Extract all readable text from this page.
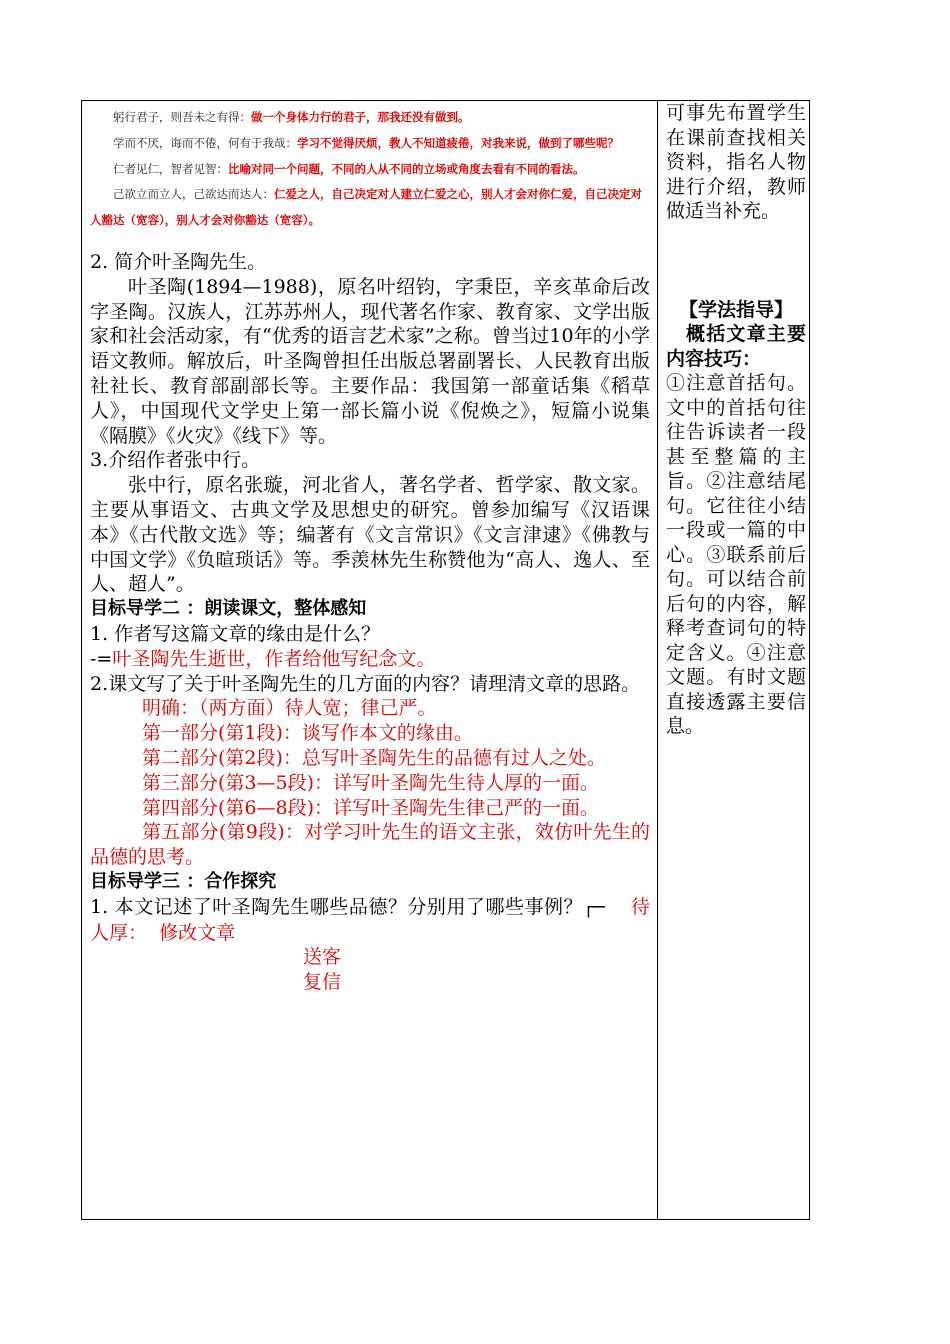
躬行君子，则吾未之有得：做一个身体力行的君子，那我还没有做到。
学而不厌，诲而不倦，何有于我哉：学习不觉得厌烦，教人不知道疲倦，对我来说，做到了哪些呢？
仁者见仁，智者见智：比喻对同一个问题，不同的人从不同的立场或角度去看有不同的看法。
己欲立而立人，己欲达而达人：仁爱之人，自己决定对人建立仁爱之心，别人才会对你仁爱，自己决定对人豁达（宽容），别人才会对你豁达（宽容）。
2. 简介叶圣陶先生。
叶圣陶(1894—1988)，原名叶绍钧，字秉臣，辛亥革命后改字圣陶。汉族人，江苏苏州人，现代著名作家、教育家、文学出版家和社会活动家，有“优秀的语言艺术家”之称。曾当过10年的小学语文教师。解放后，叶圣陶曾担任出版总署副署长、人民教育出版社社长、教育部副部长等。主要作品：我国第一部童话集《稻草人》，中国现代文学史上第一部长篇小说《倪焕之》，短篇小说集《隔膜》《火灾》《线下》等。
3.介绍作者张中行。
张中行，原名张璇，河北省人，著名学者、哲学家、散文家。主要从事语文、古典文学及思想史的研究。曾参加编写《汉语课本》《古代散文选》等；编著有《文言常识》《文言津逮》《佛教与中国文学》《负暄琐话》等。季羡林先生称赞他为“高人、逸人、至人、超人”。
目标导学二 ：朗读课文，整体感知
1. 作者写这篇文章的缘由是什么？
-=叶圣陶先生逝世，作者给他写纪念文。
2.课文写了关于叶圣陶先生的几方面的内容？请理清文章的思路。
明确：（两方面）待人宽；律己严。
第一部分(第1段)：谈写作本文的缘由。
第二部分(第2段)：总写叶圣陶先生的品德有过人之处。
第三部分(第3—5段)：详写叶圣陶先生待人厚的一面。
第四部分(第6—8段)：详写叶圣陶先生律己严的一面。
第五部分(第9段)：对学习叶先生的语文主张，效仿叶先生的品德的思考。
目标导学三 ：合作探究
1. 本文记述了叶圣陶先生哪些品德？分别用了哪些事例？┌─ 待人厚： 修改文章
送客
复信
可事先布置学生在课前查找相关资料，指名人物进行介绍，教师做适当补充。
【学法指导】
概括文章主要内容技巧：
①注意首括句。文中的首括句往往告诉读者一段甚至整篇的主旨。②注意结尾句。它往往小结一段或一篇的中心。③联系前后句。可以结合前后句的内容，解释考查词句的特定含义。④注意文题。有时文题直接透露主要信息。
